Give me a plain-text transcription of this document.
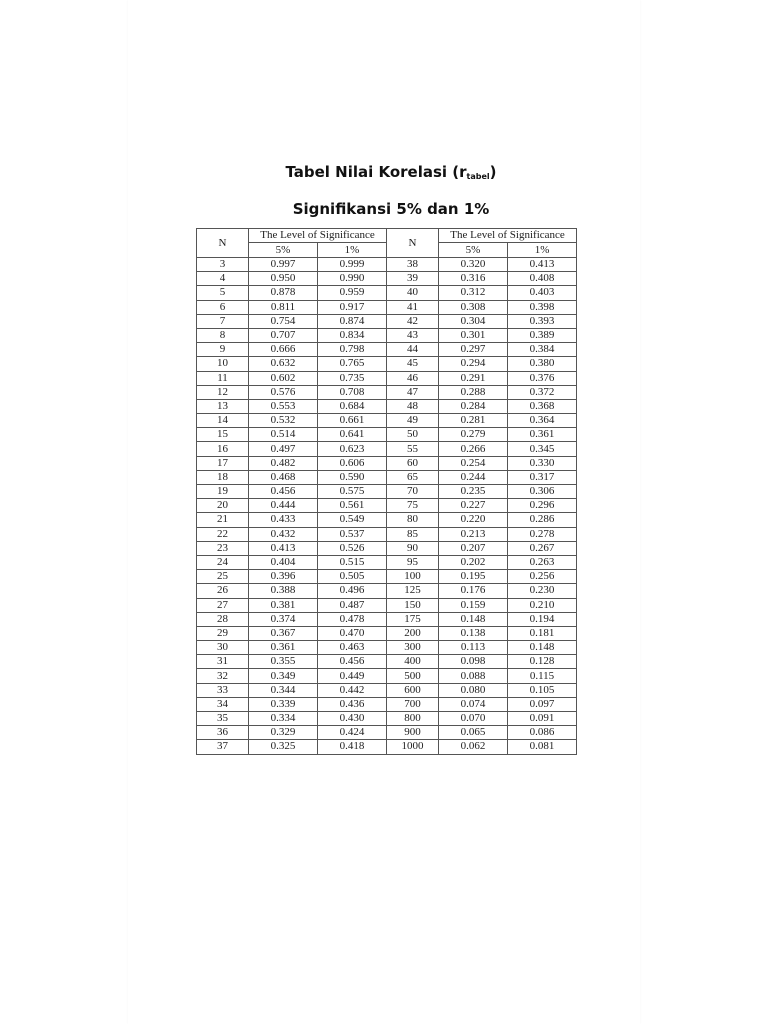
Tabel Nilai Korelasi $(r_{tabel})$
Signifikansi 5% dan 1%
N	The Level of Significance		N	The Level of Significance	
	5%	1%		5%	1%
3	0.997	0.999	38	0.320	0.413
4	0.950	0.990	39	0.316	0.408
5	0.878	0.959	40	0.312	0.403
6	0.811	0.917	41	0.308	0.398
7	0.754	0.874	42	0.304	0.393
8	0.707	0.834	43	0.301	0.389
9	0.666	0.798	44	0.297	0.384
10	0.632	0.765	45	0.294	0.380
11	0.602	0.735	46	0.291	0.376
12	0.576	0.708	47	0.288	0.372
13	0.553	0.684	48	0.284	0.368
14	0.532	0.661	49	0.281	0.364
15	0.514	0.641	50	0.279	0.361
16	0.497	0.623	55	0.266	0.345
17	0.482	0.606	60	0.254	0.330
18	0.468	0.590	65	0.244	0.317
19	0.456	0.575	70	0.235	0.306
20	0.444	0.561	75	0.227	0.296
21	0.433	0.549	80	0.220	0.286
22	0.432	0.537	85	0.213	0.278
23	0.413	0.526	90	0.207	0.267
24	0.404	0.515	95	0.202	0.263
25	0.396	0.505	100	0.195	0.256
26	0.388	0.496	125	0.176	0.230
27	0.381	0.487	150	0.159	0.210
28	0.374	0.478	175	0.148	0.194
29	0.367	0.470	200	0.138	0.181
30	0.361	0.463	300	0.113	0.148
31	0.355	0.456	400	0.098	0.128
32	0.349	0.449	500	0.088	0.115
33	0.344	0.442	600	0.080	0.105
34	0.339	0.436	700	0.074	0.097
35	0.334	0.430	800	0.070	0.091
36	0.329	0.424	900	0.065	0.086
37	0.325	0.418	1000	0.062	0.081
